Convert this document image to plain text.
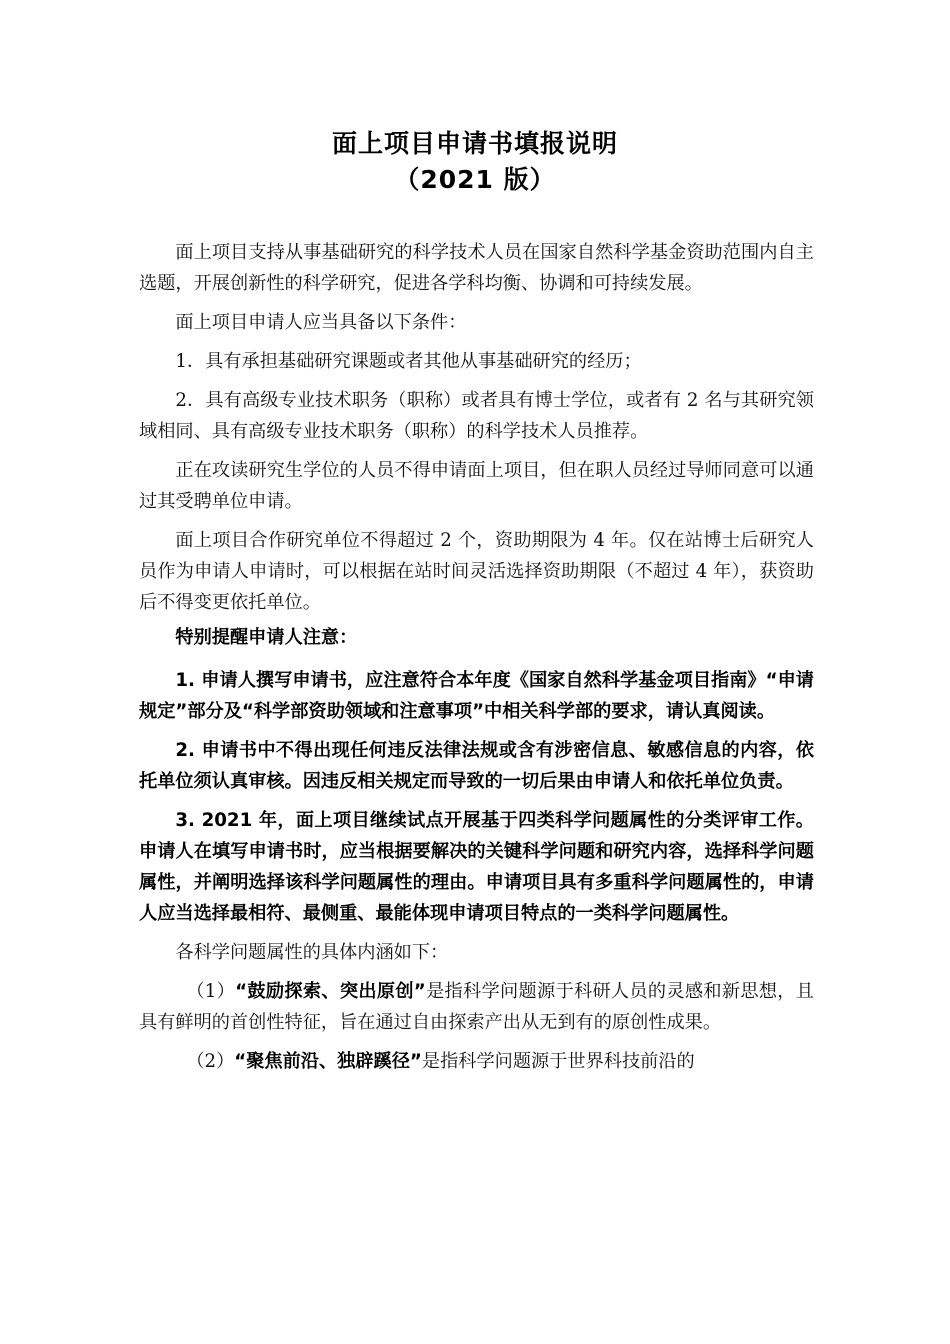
面上项目申请书填报说明
（2021 版）

面上项目支持从事基础研究的科学技术人员在国家自然科学基金资助范围内自主选题，开展创新性的科学研究，促进各学科均衡、协调和可持续发展。

面上项目申请人应当具备以下条件：

1．具有承担基础研究课题或者其他从事基础研究的经历；

2．具有高级专业技术职务（职称）或者具有博士学位，或者有 2 名与其研究领域相同、具有高级专业技术职务（职称）的科学技术人员推荐。

正在攻读研究生学位的人员不得申请面上项目，但在职人员经过导师同意可以通过其受聘单位申请。

面上项目合作研究单位不得超过 2 个，资助期限为 4 年。仅在站博士后研究人员作为申请人申请时，可以根据在站时间灵活选择资助期限（不超过 4 年），获资助后不得变更依托单位。

特别提醒申请人注意：

1. 申请人撰写申请书，应注意符合本年度《国家自然科学基金项目指南》“申请规定”部分及“科学部资助领域和注意事项”中相关科学部的要求，请认真阅读。

2. 申请书中不得出现任何违反法律法规或含有涉密信息、敏感信息的内容，依托单位须认真审核。因违反相关规定而导致的一切后果由申请人和依托单位负责。

3. 2021 年，面上项目继续试点开展基于四类科学问题属性的分类评审工作。申请人在填写申请书时，应当根据要解决的关键科学问题和研究内容，选择科学问题属性，并阐明选择该科学问题属性的理由。申请项目具有多重科学问题属性的，申请人应当选择最相符、最侧重、最能体现申请项目特点的一类科学问题属性。

各科学问题属性的具体内涵如下：

（1）“鼓励探索、突出原创”是指科学问题源于科研人员的灵感和新思想，且具有鲜明的首创性特征，旨在通过自由探索产出从无到有的原创性成果。

（2）“聚焦前沿、独辟蹊径”是指科学问题源于世界科技前沿的
